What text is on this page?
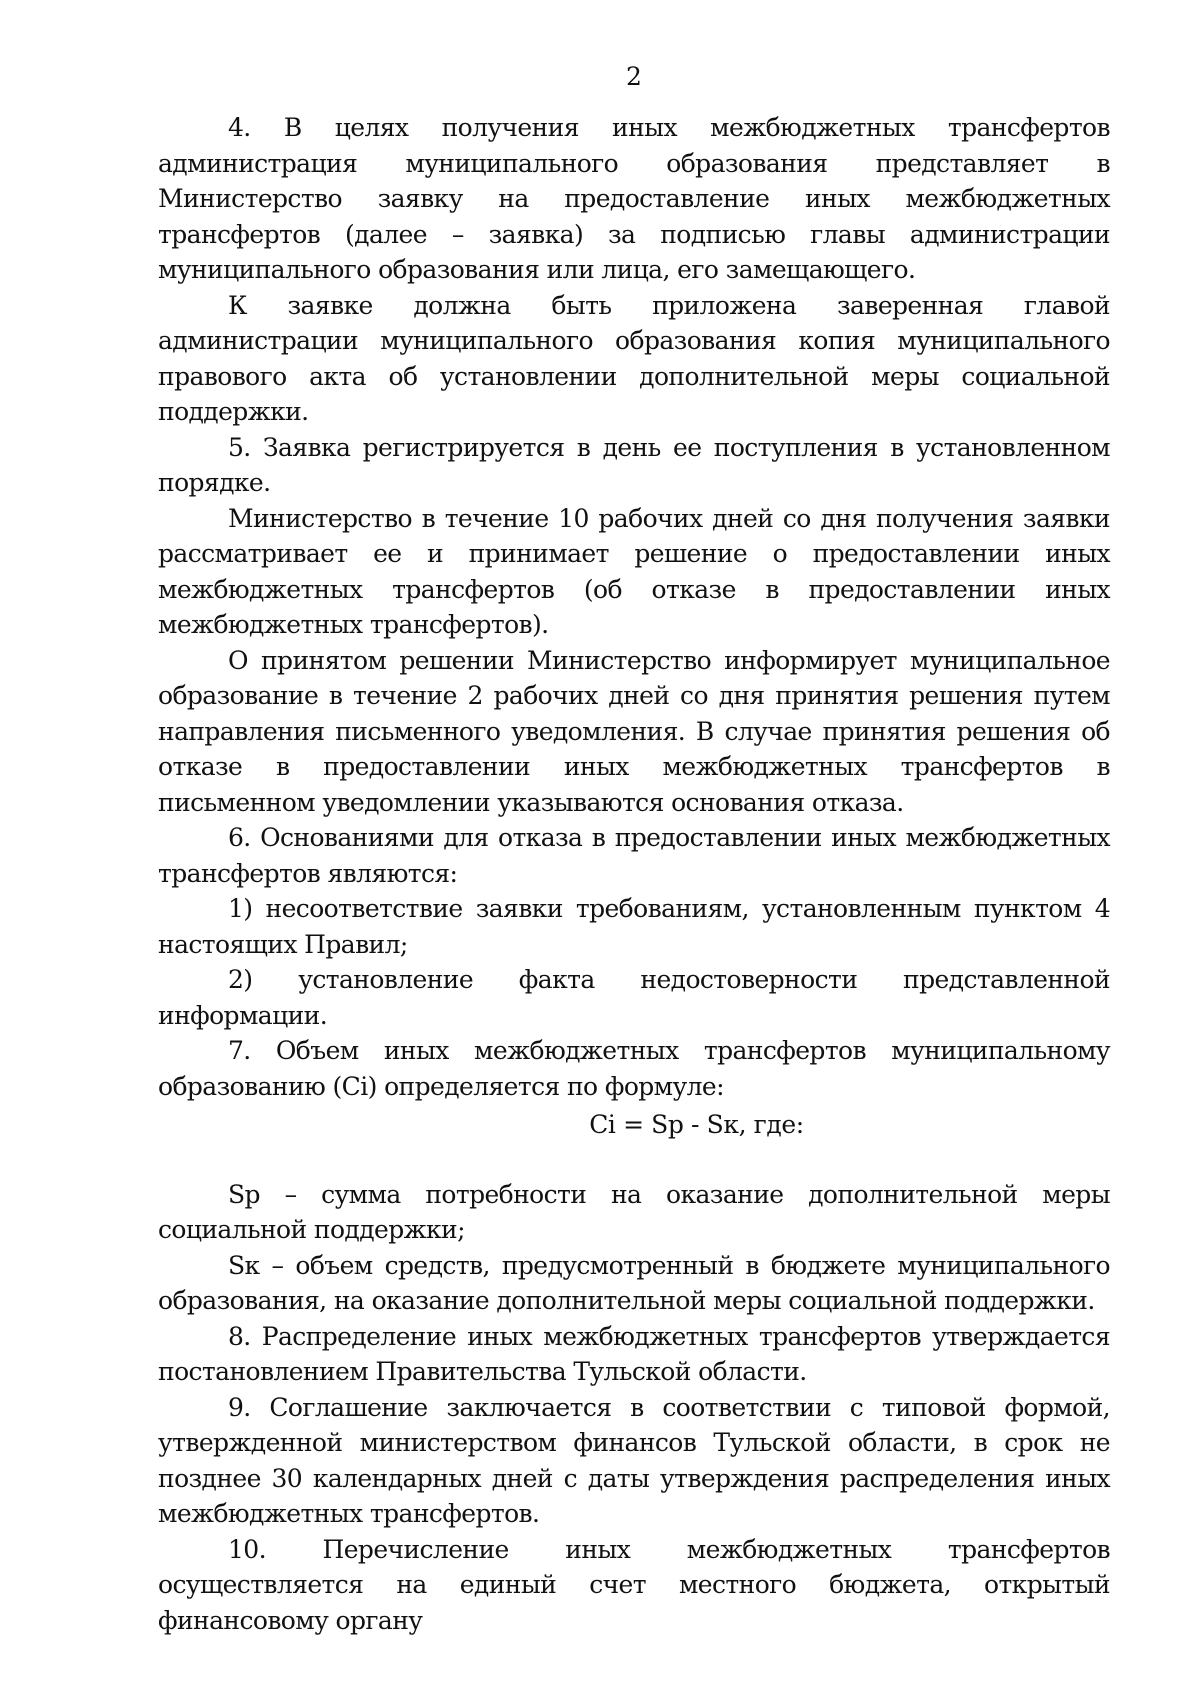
2

4. В целях получения иных межбюджетных трансфертов администрация муниципального образования представляет в Министерство заявку на предоставление иных межбюджетных трансфертов (далее – заявка) за подписью главы администрации муниципального образования или лица, его замещающего.

К заявке должна быть приложена заверенная главой администрации муниципального образования копия муниципального правового акта об установлении дополнительной меры социальной поддержки.

5. Заявка регистрируется в день ее поступления в установленном порядке.

Министерство в течение 10 рабочих дней со дня получения заявки рассматривает ее и принимает решение о предоставлении иных межбюджетных трансфертов (об отказе в предоставлении иных межбюджетных трансфертов).

О принятом решении Министерство информирует муниципальное образование в течение 2 рабочих дней со дня принятия решения путем направления письменного уведомления. В случае принятия решения об отказе в предоставлении иных межбюджетных трансфертов в письменном уведомлении указываются основания отказа.

6. Основаниями для отказа в предоставлении иных межбюджетных трансфертов являются:

1) несоответствие заявки требованиям, установленным пунктом 4 настоящих Правил;

2) установление факта недостоверности представленной информации.

7. Объем иных межбюджетных трансфертов муниципальному образованию (Ci) определяется по формуле:

Ci = Sp - Sк, где:

Sp – сумма потребности на оказание дополнительной меры социальной поддержки;

Sк – объем средств, предусмотренный в бюджете муниципального образования, на оказание дополнительной меры социальной поддержки.

8. Распределение иных межбюджетных трансфертов утверждается постановлением Правительства Тульской области.

9. Соглашение заключается в соответствии с типовой формой, утвержденной министерством финансов Тульской области, в срок не позднее 30 календарных дней с даты утверждения распределения иных межбюджетных трансфертов.

10. Перечисление иных межбюджетных трансфертов осуществляется на единый счет местного бюджета, открытый финансовому органу
